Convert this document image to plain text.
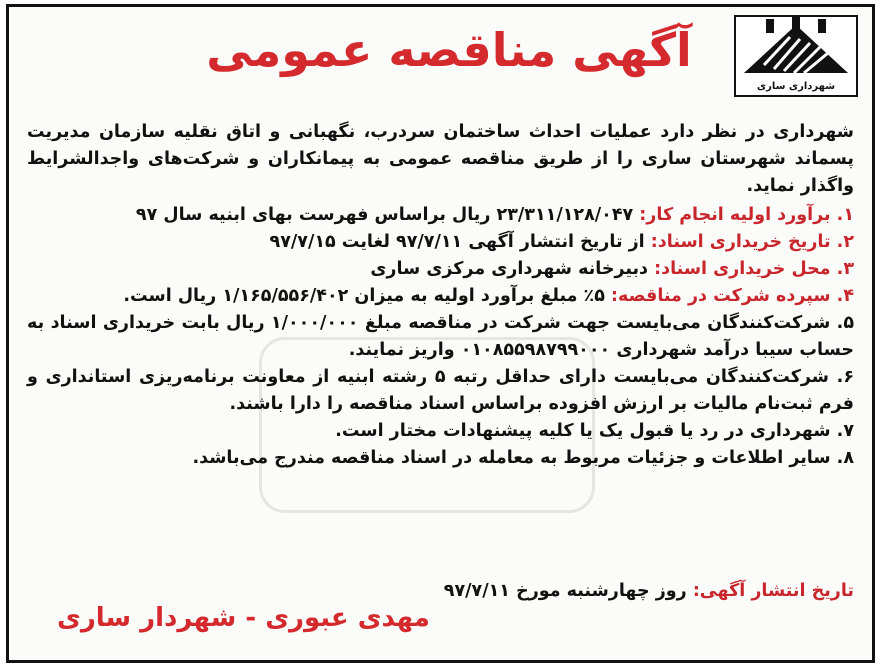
شهرداری ساری
آگهی مناقصه عمومی

شهرداری در نظر دارد عملیات احداث ساختمان سردرب، نگهبانی و اتاق نقلیه سازمان مدیریت پسماند شهرستان ساری را از طریق مناقصه عمومی به پیمانکاران و شرکت‌های واجدالشرایط واگذار نماید.

۱. برآورد اولیه انجام کار: ۲۳/۳۱۱/۱۲۸/۰۴۷ ریال براساس فهرست بهای ابنیه سال ۹۷

۲. تاریخ خریداری اسناد: از تاریخ انتشار آگهی ۹۷/۷/۱۱ لغایت ۹۷/۷/۱۵

۳. محل خریداری اسناد: دبیرخانه شهرداری مرکزی ساری

۴. سپرده شرکت در مناقصه: ۵٪ مبلغ برآورد اولیه به میزان ۱/۱۶۵/۵۵۶/۴۰۲ ریال است.

۵. شرکت‌کنندگان می‌بایست جهت شرکت در مناقصه مبلغ ۱/۰۰۰/۰۰۰ ریال بابت خریداری اسناد به حساب سیبا درآمد شهرداری ۰۱۰۸۵۵۹۸۷۹۹۰۰۰ واریز نمایند.

۶. شرکت‌کنندگان می‌بایست دارای حداقل رتبه ۵ رشته ابنیه از معاونت برنامه‌ریزی استانداری و فرم ثبت‌نام مالیات بر ارزش افزوده براساس اسناد مناقصه را دارا باشند.

۷. شهرداری در رد یا قبول یک یا کلیه پیشنهادات مختار است.

۸. سایر اطلاعات و جزئیات مربوط به معامله در اسناد مناقصه مندرج می‌باشد.

تاریخ انتشار آگهی: روز چهارشنبه مورخ ۹۷/۷/۱۱
مهدی عبوری - شهردار ساری
